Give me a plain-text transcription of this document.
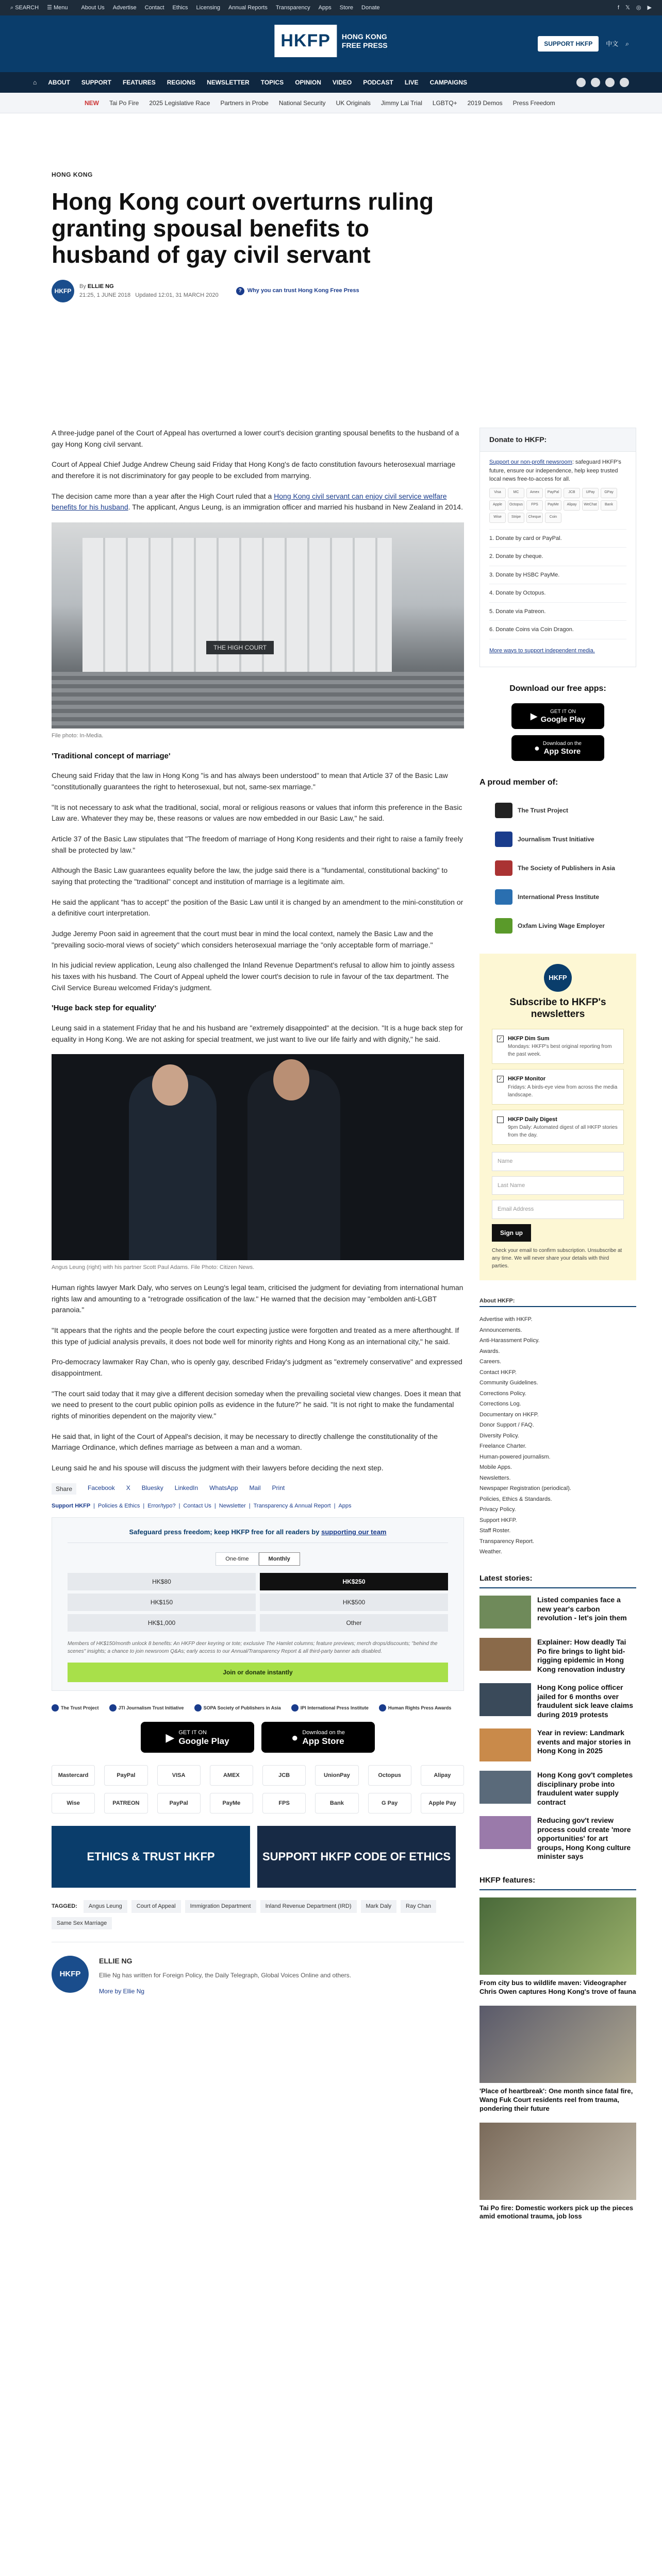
⌕ SEARCH ☰ Menu About Us Advertise Contact Ethics Licensing Annual Reports Transparency Apps Store Donate	f 𝕏 ◎ ▶
HKFP	HONG KONG
FREE PRESS	SUPPORT HKFP	中文 ⌕
⌂ ABOUT SUPPORT FEATURES REGIONS NEWSLETTER TOPICS OPINION VIDEO PODCAST LIVE CAMPAIGNS
NEW Tai Po Fire 2025 Legislative Race Partners in Probe National Security UK Originals Jimmy Lai Trial LGBTQ+ 2019 Demos Press Freedom
HONG KONG
Hong Kong court overturns ruling granting spousal benefits to husband of gay civil servant
HKFP
By ELLIE NG
21:25, 1 JUNE 2018 Updated 12:01, 31 MARCH 2020
? Why you can trust Hong Kong Free Press

A three-judge panel of the Court of Appeal has overturned a lower court's decision granting spousal benefits to the husband of a gay Hong Kong civil servant.

Court of Appeal Chief Judge Andrew Cheung said Friday that Hong Kong's de facto constitution favours heterosexual marriage and therefore it is not discriminatory for gay people to be excluded from marrying.

The decision came more than a year after the High Court ruled that a Hong Kong civil servant can enjoy civil service welfare benefits for his husband. The applicant, Angus Leung, is an immigration officer and married his husband in New Zealand in 2014.

THE HIGH COURT
File photo: In-Media.
'Traditional concept of marriage'

Cheung said Friday that the law in Hong Kong "is and has always been understood" to mean that Article 37 of the Basic Law "constitutionally guarantees the right to heterosexual, but not, same-sex marriage."

"It is not necessary to ask what the traditional, social, moral or religious reasons or values that inform this preference in the Basic Law are. Whatever they may be, these reasons or values are now embedded in our Basic Law," he said.

Article 37 of the Basic Law stipulates that "The freedom of marriage of Hong Kong residents and their right to raise a family freely shall be protected by law."

Although the Basic Law guarantees equality before the law, the judge said there is a "fundamental, constitutional backing" to saying that protecting the "traditional" concept and institution of marriage is a legitimate aim.

He said the applicant "has to accept" the position of the Basic Law until it is changed by an amendment to the mini-constitution or a definitive court interpretation.

Judge Jeremy Poon said in agreement that the court must bear in mind the local context, namely the Basic Law and the "prevailing socio-moral views of society" which considers heterosexual marriage the "only acceptable form of marriage."

In his judicial review application, Leung also challenged the Inland Revenue Department's refusal to allow him to jointly assess his taxes with his husband. The Court of Appeal upheld the lower court's decision to rule in favour of the tax department. The Civil Service Bureau welcomed Friday's judgment.

'Huge back step for equality'

Leung said in a statement Friday that he and his husband are "extremely disappointed" at the decision. "It is a huge back step for equality in Hong Kong. We are not asking for special treatment, we just want to live our life fairly and with dignity," he said.

Angus Leung (right) with his partner Scott Paul Adams. File Photo: Citizen News.

Human rights lawyer Mark Daly, who serves on Leung's legal team, criticised the judgment for deviating from international human rights law and amounting to a "retrograde ossification of the law." He warned that the decision may "embolden anti-LGBT paranoia."

"It appears that the rights and the people before the court expecting justice were forgotten and treated as a mere afterthought. If this type of judicial analysis prevails, it does not bode well for minority rights and Hong Kong as an international city," he said.

Pro-democracy lawmaker Ray Chan, who is openly gay, described Friday's judgment as "extremely conservative" and expressed disappointment.

"The court said today that it may give a different decision someday when the prevailing societal view changes. Does it mean that we need to present to the court public opinion polls as evidence in the future?" he said. "It is not right to make the fundamental rights of minorities dependent on the majority view."

He said that, in light of the Court of Appeal's decision, it may be necessary to directly challenge the constitutionality of the Marriage Ordinance, which defines marriage as between a man and a woman.

Leung said he and his spouse will discuss the judgment with their lawyers before deciding the next step.

Share	Facebook X Bluesky LinkedIn WhatsApp Mail Print
Support HKFP | Policies & Ethics | Error/typo? | Contact Us | Newsletter | Transparency & Annual Report | Apps
Safeguard press freedom; keep HKFP free for all readers by supporting our team
One-time	Monthly
HK$80	HK$250
HK$150	HK$500
HK$1,000	Other
Members of HK$150/month unlock 8 benefits: An HKFP deer keyring or tote; exclusive The Hamlet columns; feature previews; merch drops/discounts; "behind the scenes" insights; a chance to join newsroom Q&As; early access to our Annual/Transparency Report & all third-party banner ads disabled.
Join or donate instantly
The Trust Project	JTI Journalism Trust Initiative	SOPA Society of Publishers in Asia	IPI International Press Institute	Human Rights Press Awards
▶ GET IT ON
Google Play	● Download on the
App Store
Mastercard	PayPal	VISA	AMEX	JCB	UnionPay	Octopus	Alipay
Wise	PATREON	PayPal	PayMe	FPS	Bank	G Pay	Apple Pay
ETHICS & TRUST HKFP	SUPPORT HKFP CODE OF ETHICS
TAGGED:	Angus Leung	Court of Appeal	Immigration Department	Inland Revenue Department (IRD)	Mark Daly	Ray Chan
Same Sex Marriage
HKFP
ELLIE NG

Ellie Ng has written for Foreign Policy, the Daily Telegraph, Global Voices Online and others.

More by Ellie Ng
Donate to HKFP:

Support our non-profit newsroom: safeguard HKFP's future, ensure our independence, help keep trusted local news free-to-access for all.

Visa	MC	Amex	PayPal	JCB	UPay	GPay
Apple	Octopus	FPS	PayMe	Alipay	WeChat	Bank
Wise	Stripe	Cheque	Coin
1. Donate by card or PayPal.
2. Donate by cheque.
3. Donate by HSBC PayMe.
4. Donate by Octopus.
5. Donate via Patreon.
6. Donate Coins via Coin Dragon.
More ways to support independent media.
Download our free apps:
▶	GET IT ON
Google Play
● Download on the
App Store
A proud member of:
The Trust Project
Journalism Trust Initiative
The Society of Publishers in Asia
International Press Institute
Oxfam Living Wage Employer
HKFP
Subscribe to HKFP's newsletters
✓ HKFP Dim Sum
Mondays: HKFP's best original reporting from the past week.
✓ HKFP Monitor
Fridays: A birds-eye view from across the media landscape.
HKFP Daily Digest
9pm Daily: Automated digest of all HKFP stories from the day.
Name
Last Name
Email Address
Sign up
Check your email to confirm subscription. Unsubscribe at any time. We will never share your details with third parties.
About HKFP:
Advertise with HKFP.
Announcements.
Anti-Harassment Policy.
Awards.
Careers.
Contact HKFP.
Community Guidelines.
Corrections Policy.
Corrections Log.
Documentary on HKFP.
Donor Support / FAQ.
Diversity Policy.
Freelance Charter.
Human-powered journalism.
Mobile Apps.
Newsletters.
Newspaper Registration (periodical).
Policies, Ethics & Standards.
Privacy Policy.
Support HKFP.
Staff Roster.
Transparency Report.
Weather.
Latest stories:
Listed companies face a new year's carbon revolution - let's join them
Explainer: How deadly Tai Po fire brings to light bid-rigging epidemic in Hong Kong renovation industry
Hong Kong police officer jailed for 6 months over fraudulent sick leave claims during 2019 protests
Year in review: Landmark events and major stories in Hong Kong in 2025
Hong Kong gov't completes disciplinary probe into fraudulent water supply contract
Reducing gov't review process could create 'more opportunities' for art groups, Hong Kong culture minister says
HKFP features:
From city bus to wildlife maven: Videographer Chris Owen captures Hong Kong's trove of fauna
'Place of heartbreak': One month since fatal fire, Wang Fuk Court residents reel from trauma, pondering their future
Tai Po fire: Domestic workers pick up the pieces amid emotional trauma, job loss
